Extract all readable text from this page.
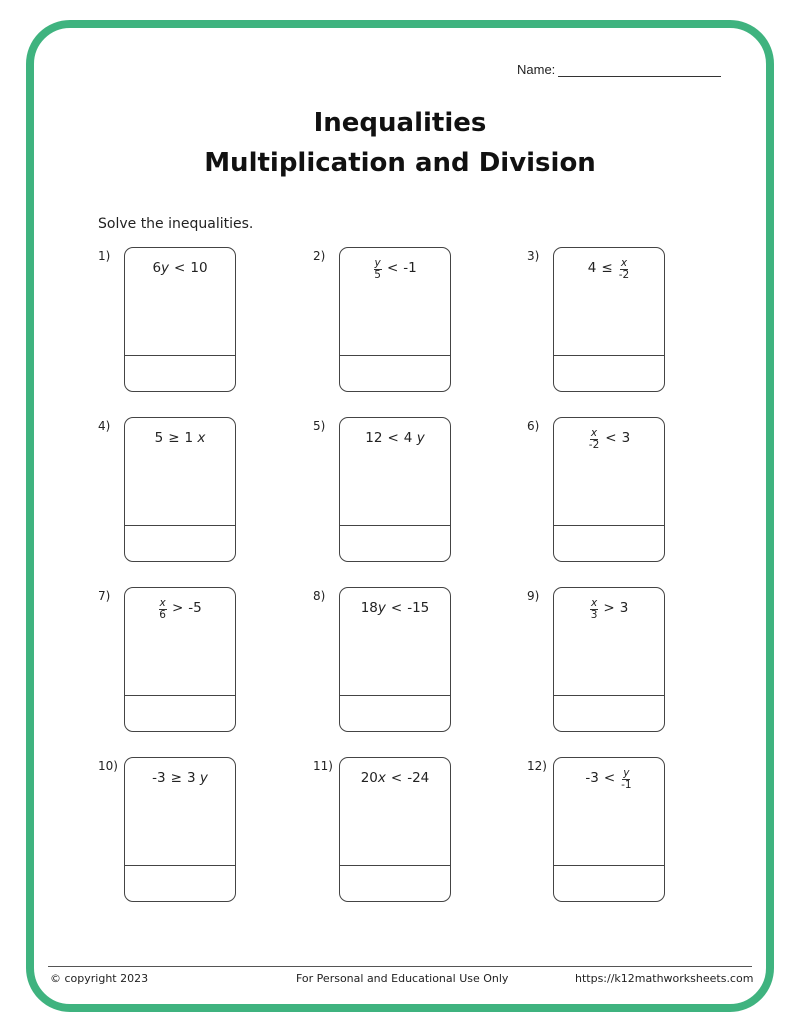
Name:
Inequalities
Multiplication and Division
Solve the inequalities.
1)
6y < 10
2)
$\frac{y}{5} < -1$
3)
$4 \le \frac{x}{-2}$
4)
5 ≥ 1 x
5)
12 < 4 y
6)
$\frac{x}{-2} < 3$
7)
$\frac{x}{6} > -5$
8)
18y < -15
9)
$\frac{x}{3} > 3$
10)
-3 ≥ 3 y
11)
20x < -24
12)
$-3 < \frac{y}{-1}$
© copyright 2023	For Personal and Educational Use Only	https://k12mathworksheets.com
